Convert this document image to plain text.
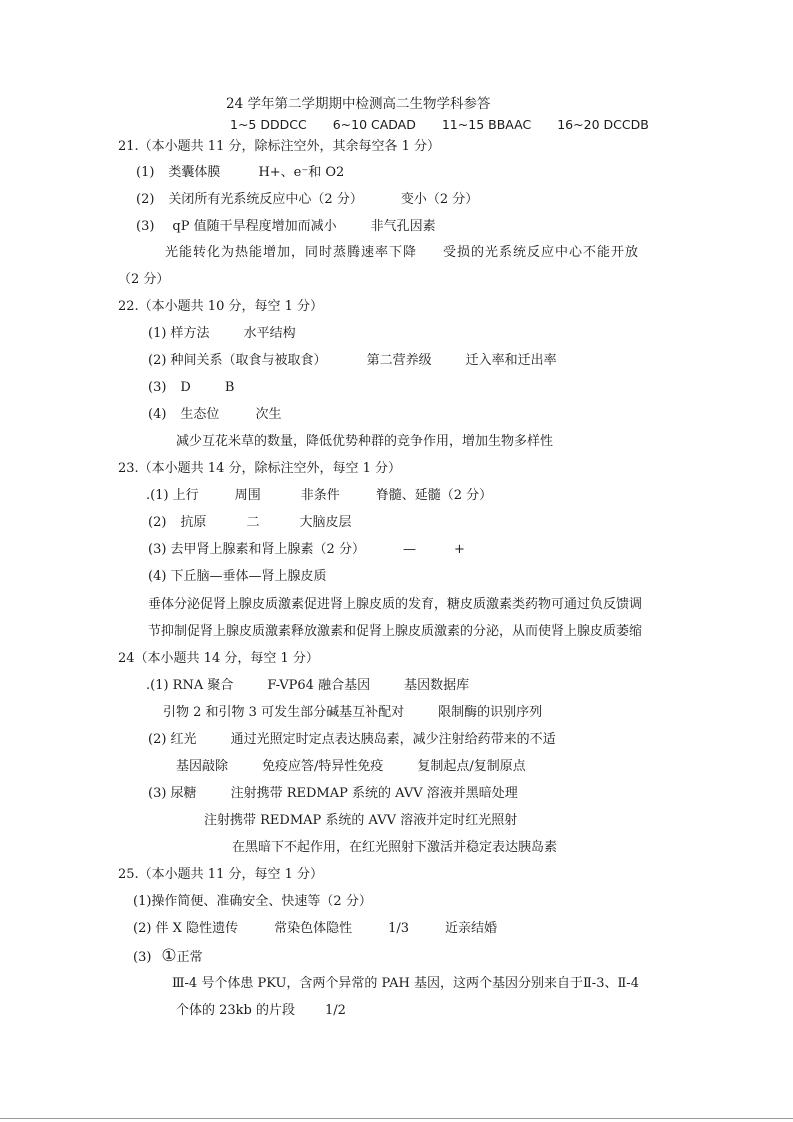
24 学年第二学期期中检测高二生物学科参答
1~5 DDDCC 6~10 CADAD 11~15 BBAAC 16~20 DCCDB
21.（本小题共 11 分，除标注空外，其余每空各 1 分）
(1) 类囊体膜	H+、e⁻和 O2
(2) 关闭所有光系统反应中心（2 分）	变小（2 分）
(3) qP 值随干旱程度增加而减小	非气孔因素
光能转化为热能增加，同时蒸腾速率下降 受损的光系统反应中心不能开放
（2 分）
22.（本小题共 10 分，每空 1 分）
(1) 样方法	水平结构
(2) 种间关系（取食与被取食）	第二营养级	迁入率和迁出率
(3) D	B
(4) 生态位	次生
减少互花米草的数量，降低优势种群的竞争作用，增加生物多样性
23.（本小题共 14 分，除标注空外，每空 1 分）
.(1) 上行	周围	非条件	脊髓、延髓（2 分）
(2) 抗原	二	大脑皮层
(3) 去甲肾上腺素和肾上腺素（2 分）	—	+
(4) 下丘脑—垂体—肾上腺皮质
垂体分泌促肾上腺皮质激素促进肾上腺皮质的发育，糖皮质激素类药物可通过负反馈调
节抑制促肾上腺皮质激素释放激素和促肾上腺皮质激素的分泌，从而使肾上腺皮质萎缩
24（本小题共 14 分，每空 1 分）
.(1) RNA 聚合	F-VP64 融合基因	基因数据库
引物 2 和引物 3 可发生部分碱基互补配对	限制酶的识别序列
(2) 红光	通过光照定时定点表达胰岛素，减少注射给药带来的不适
基因敲除	免疫应答/特异性免疫	复制起点/复制原点
(3) 尿糖	注射携带 REDMAP 系统的 AVV 溶液并黑暗处理
注射携带 REDMAP 系统的 AVV 溶液并定时红光照射
在黑暗下不起作用，在红光照射下激活并稳定表达胰岛素
25.（本小题共 11 分，每空 1 分）
(1)操作简便、准确安全、快速等（2 分）
(2) 伴 X 隐性遗传	常染色体隐性	1/3	近亲结婚
(3) ①正常
Ⅲ-4 号个体患 PKU，含两个异常的 PAH 基因，这两个基因分别来自于Ⅱ-3、Ⅱ-4
个体的 23kb 的片段 1/2
